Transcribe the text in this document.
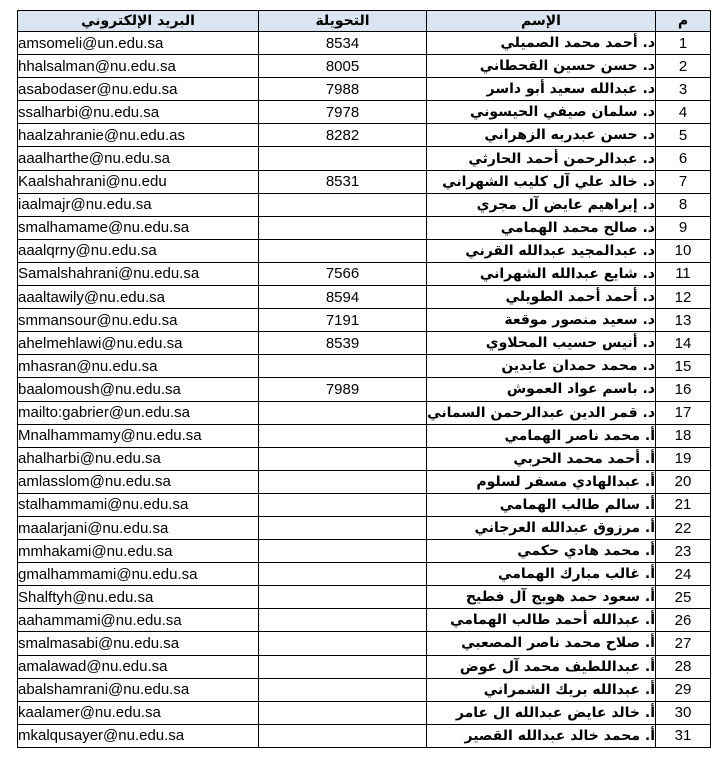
البريد الإلكتروني	التحويلة	الإسم	م
amsomeli@un.edu.sa	8534	د. أحمد محمد الصميلي	1
hhalsalman@nu.edu.sa	8005	د. حسن حسين القحطاني	2
asabodaser@nu.edu.sa	7988	د. عبدالله سعيد أبو داسر	3
ssalharbi@nu.edu.sa	7978	د. سلمان صيفي الحيسوني	4
haalzahranie@nu.edu.as	8282	د. حسن عبدربه الزهراني	5
aaalharthe@nu.edu.sa		د. عبدالرحمن أحمد الحارثي	6
Kaalshahrani@nu.edu	8531	د. خالد علي آل كليب الشهراني	7
iaalmajr@nu.edu.sa		د. إبراهيم عايض آل مجري	8
smalhamame@nu.edu.sa		د. صالح محمد الهمامي	9
aaalqrny@nu.edu.sa		د. عبدالمجيد عبدالله القرني	10
Samalshahrani@nu.edu.sa	7566	د. شايع عبدالله الشهراني	11
aaaltawily@nu.edu.sa	8594	د. أحمد أحمد الطويلي	12
smmansour@nu.edu.sa	7191	د. سعيد منصور موقعة	13
ahelmehlawi@nu.edu.sa	8539	د. أنيس حسيب المحلاوي	14
mhasran@nu.edu.sa		د. محمد حمدان عابدين	15
baalomoush@nu.edu.sa	7989	د. باسم عواد العموش	16
mailto:gabrier@un.edu.sa		د. قمر الدين عبدالرحمن السماني	17
Mnalhammamy@nu.edu.sa		أ. محمد ناصر الهمامي	18
ahalharbi@nu.edu.sa		أ. أحمد محمد الحربي	19
amlasslom@nu.edu.sa		أ. عبدالهادي مسفر لسلوم	20
stalhammami@nu.edu.sa		أ. سالم طالب الهمامي	21
maalarjani@nu.edu.sa		أ. مرزوق عبدالله العرجاني	22
mmhakami@nu.edu.sa		أ. محمد هادي حكمي	23
gmalhammami@nu.edu.sa		أ. غالب مبارك الهمامي	24
Shalftyh@nu.edu.sa		أ. سعود حمد هويج آل فطيح	25
aahammami@nu.edu.sa		أ. عبدالله أحمد طالب الهمامي	26
smalmasabi@nu.edu.sa		أ. صلاح محمد ناصر المصعبي	27
amalawad@nu.edu.sa		أ. عبداللطيف محمد آل عوض	28
abalshamrani@nu.edu.sa		أ. عبدالله بريك الشمراني	29
kaalamer@nu.edu.sa		أ. خالد عايض عبدالله ال عامر	30
mkalqusayer@nu.edu.sa		أ. محمد خالد عبدالله القصير	31
